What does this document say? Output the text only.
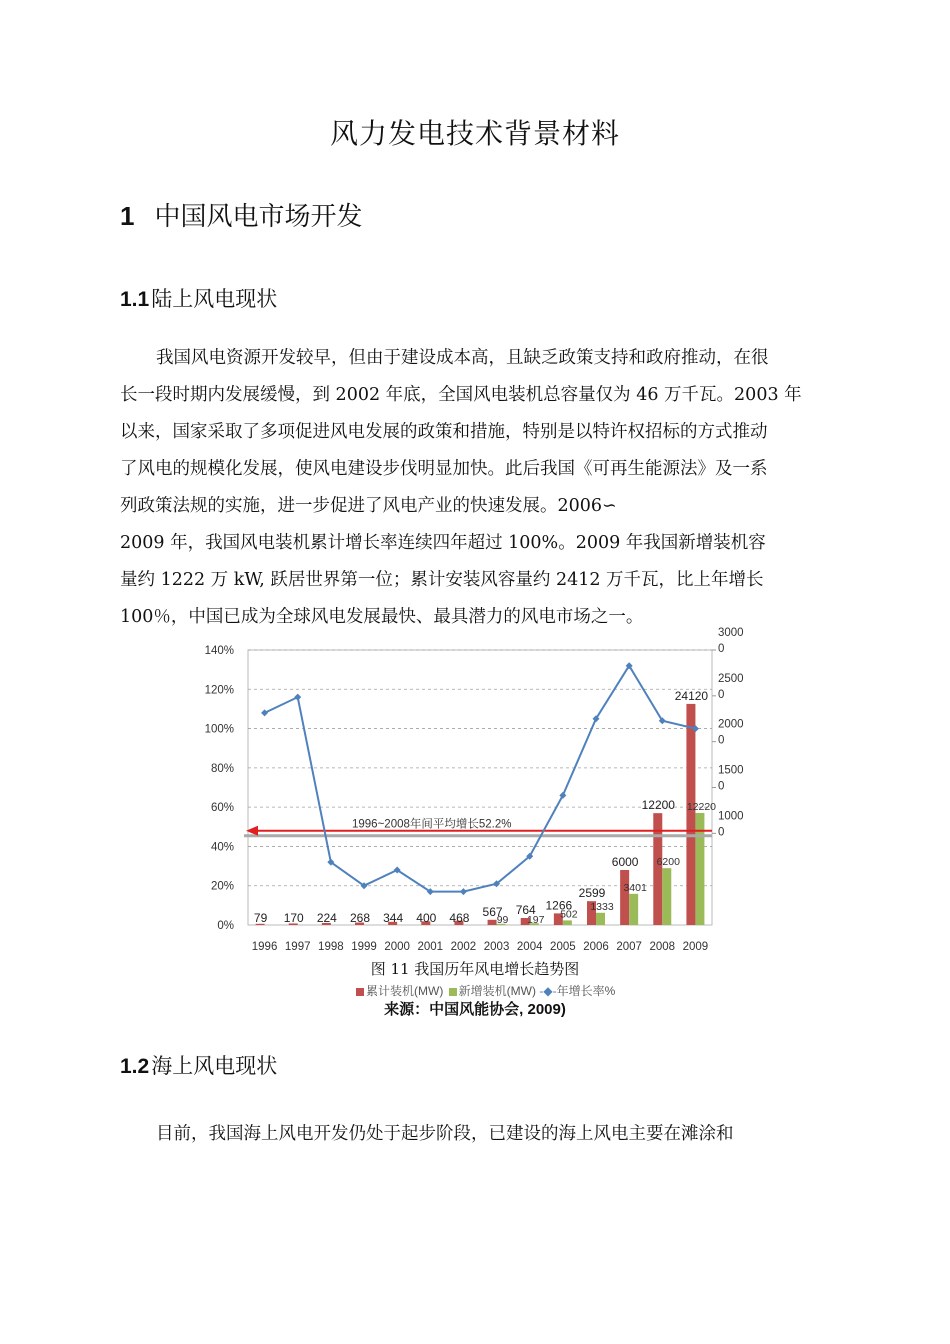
风力发电技术背景材料
1 中国风电市场开发
1.1陆上风电现状

我国风电资源开发较早，但由于建设成本高，且缺乏政策支持和政府推动，在很

长一段时期内发展缓慢，到 2002 年底，全国风电装机总容量仅为 46 万千瓦。2003 年

以来，国家采取了多项促进风电发展的政策和措施，特别是以特许权招标的方式推动

了风电的规模化发展，使风电建设步伐明显加快。此后我国《可再生能源法》及一系

列政策法规的实施，进一步促进了风电产业的快速发展。2006∽

2009 年，我国风电装机累计增长率连续四年超过 100%。2009 年我国新增装机容

量约 1222 万 kW, 跃居世界第一位；累计安装风容量约 2412 万千瓦，比上年增长

100％，中国已成为全球风电发展最快、最具潜力的风电市场之一。

0%
20%
40%
60%
80%
100%
120%
140%
1000 0
1500 0
2000 0
2500 0
3000 0
1996 1997 1998 1999 2000 2001 2002 2003 2004 2005 2006 2007 2008 2009
1996~2008年间平均增长52.2%
79 170 224 268 344 400 468 567 764 1266
2599
6000
12200
24120
99 197 502
1333
3401
6200
12220
图 11 我国历年风电增长趋势图
累计装机(MW) 新增装机(MW) -◆-年增长率%
来源：中国风能协会, 2009)
1.2海上风电现状

目前，我国海上风电开发仍处于起步阶段，已建设的海上风电主要在滩涂和
